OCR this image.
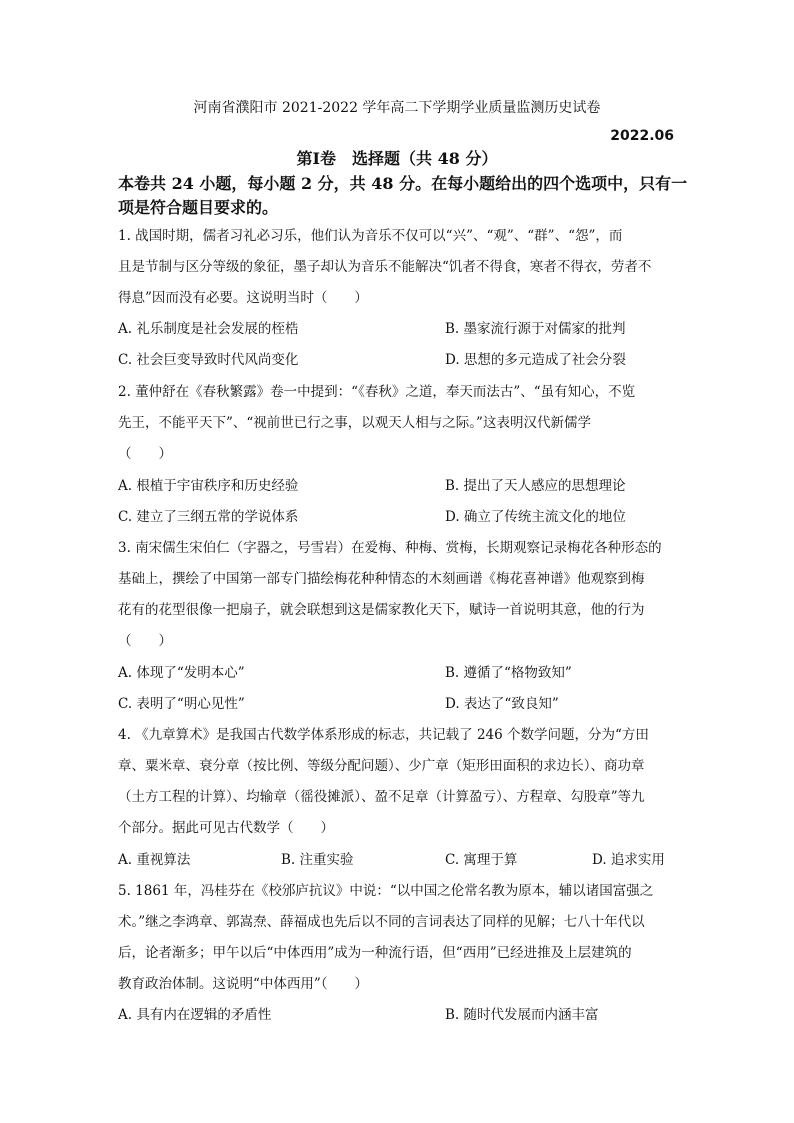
河南省濮阳市 2021-2022 学年高二下学期学业质量监测历史试卷
2022.06
第Ⅰ卷　选择题（共 48 分）
本卷共 24 小题，每小题 2 分，共 48 分。在每小题给出的四个选项中，只有一
项是符合题目要求的。
1. 战国时期，儒者习礼必习乐，他们认为音乐不仅可以“兴”、“观”、“群”、“怨”，而
且是节制与区分等级的象征，墨子却认为音乐不能解决“饥者不得食，寒者不得衣，劳者不
得息”因而没有必要。这说明当时（　　）
A. 礼乐制度是社会发展的桎梏	B. 墨家流行源于对儒家的批判
C. 社会巨变导致时代风尚变化	D. 思想的多元造成了社会分裂
2. 董仲舒在《春秋繁露》卷一中提到：“《春秋》之道，奉天而法古”、“虽有知心，不览
先王，不能平天下”、“视前世已行之事，以观天人相与之际。”这表明汉代新儒学
（　　）
A. 根植于宇宙秩序和历史经验	B. 提出了天人感应的思想理论
C. 建立了三纲五常的学说体系	D. 确立了传统主流文化的地位
3. 南宋儒生宋伯仁（字器之，号雪岩）在爱梅、种梅、赏梅，长期观察记录梅花各种形态的
基础上，撰绘了中国第一部专门描绘梅花种种情态的木刻画谱《梅花喜神谱》他观察到梅
花有的花型很像一把扇子，就会联想到这是儒家教化天下，赋诗一首说明其意，他的行为
（　　）
A. 体现了“发明本心”	B. 遵循了“格物致知”
C. 表明了“明心见性”	D. 表达了“致良知”
4. 《九章算术》是我国古代数学体系形成的标志，共记载了 246 个数学问题，分为“方田
章、粟米章、衰分章（按比例、等级分配问题）、少广章（矩形田面积的求边长）、商功章
（土方工程的计算）、均输章（徭役摊派）、盈不足章（计算盈亏）、方程章、勾股章”等九
个部分。据此可见古代数学（　　）
A. 重视算法	B. 注重实验	C. 寓理于算	D. 追求实用
5. 1861 年，冯桂芬在《校邠庐抗议》中说：“以中国之伦常名教为原本，辅以诸国富强之
术。”继之李鸿章、郭嵩焘、薛福成也先后以不同的言词表达了同样的见解；七八十年代以
后，论者渐多；甲午以后“中体西用”成为一种流行语，但“西用”已经进推及上层建筑的
教育政治体制。这说明“中体西用”（　　）
A. 具有内在逻辑的矛盾性	B. 随时代发展而内涵丰富
